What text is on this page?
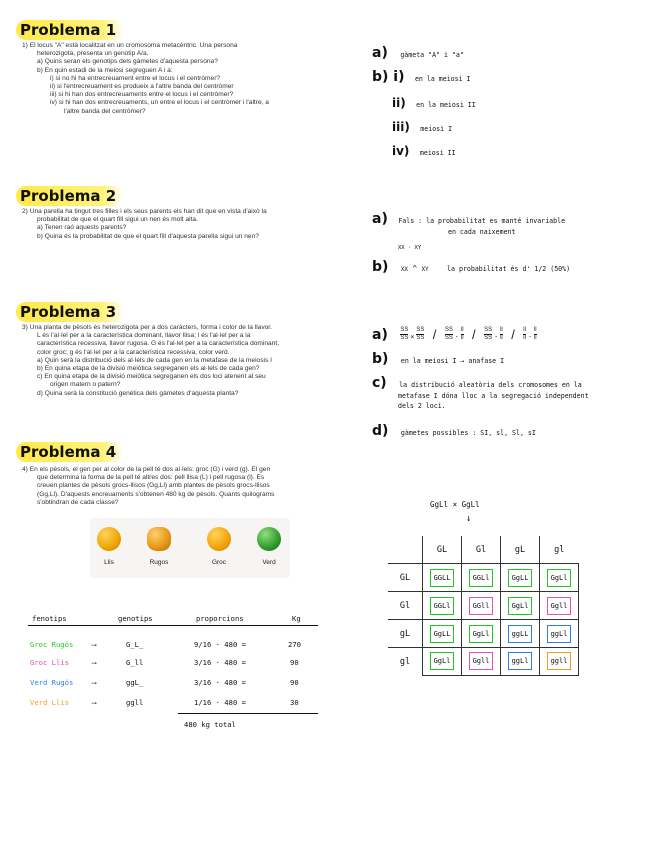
Problema 1
1) El locus "A" està localitzat en un cromosoma metacèntric. Una persona
heterozigota, presenta un genotip A/a.
a) Quins seran els genotips dels gàmetes d'aquesta persona?
b) En quin estadi de la meiosi segreguen A i a:
i) si no hi ha entrecreuament entre el locus i el centròmer?
ii) si l'entrecreuament es produeix a l'altre banda del centròmer
iii) si hi han dos entrecreuaments entre el locus i el centròmer?
iv) si hi han dos entrecreuaments, un entre el locus i el centròmer i l'altre, a
l'altre banda del centròmer?
a) gàmeta "A" i "a"
b) i) en la meiosi I
ii) en la meiosi II
iii) meiosi I
iv) meiosi II
Problema 2
2) Una parella ha tingut tres filles i els seus parents els han dit que en vista d'això la
probabilitat de que el quart fill sigui un nen és molt alta.
a) Tenen raó aquests parents?
b) Quina és la probabilitat de que el quart fill d'aquesta parella sigui un nen?
a) Fals : la probabilitat es manté invariable
en cada naixement
XX · XY
b) XX ^ XY	la probabilitat és d' 1/2 (50%)
Problema 3
3) Una planta de pèsols és heterozigota per a dos caràcters, forma i color de la llavor.
L és l'al·lel per a la característica dominant, llavor llisa; l és l'al·lel per a la
característica recessiva, llavor rugosa. G és l'al·lel per a la característica dominant,
color groc; g és l'al·lel per a la característica recessiva, color verd.
a) Quin serà la distribució dels al·lels de cada gen en la metafase de la meiosis I
b) En quina etapa de la divisió meiòtica segreganen els al·lels de cada gen?
c) En quina etapa de la divisió meiòtica segreganen els dos loci atenent al seu
origen matern o patern?
d) Quina serà la constitució genètica dels gàmetes d'aquesta planta?
$a) \frac{SS}{SS} \times \frac{SS}{SS} / \frac{SS}{SS} \cdot \frac{ll}{ll} / \frac{SS}{SS} \cdot \frac{ll}{ll} / \frac{ll}{ll} \cdot \frac{ll}{ll}$
b) en la meiosi I → anafase I
c) la distribució aleatòria dels cromosomes en la
metafase I dóna lloc a la segregació independent
dels 2 loci.
d) gàmetes possibles : SI, sl, Sl, sI
Problema 4
4) En els pèsols, el gen per al color de la pell té dos al·lels: groc (G) i verd (g). El gen
que determina la forma de la pell té altres dos: pell llisa (L) i pell rugosa (l). Es
creuen plantes de pèsols grocs-llisos (Gg,Ll) amb plantes de pèsols grocs-llisos
(Gg,Ll). D'aquests encreuaments s'obtenen 480 kg de pèsols. Quants quilograms
s'obtindran de cada classe?
Llis	Rugos	Groc	Verd
fenotips	genotips	proporcions	Kg
Groc Rugós	⟶	G_L_	9/16 · 480 =	270
Groc Llis	⟶	G_ll	3/16 · 480 =	90
Verd Rugós	⟶	ggL_	3/16 · 480 =	90
Verd Llis	⟶	ggll	1/16 · 480 =	30
480 kg total
GgLl × GgLl
↓
	GL	Gl	gL	gl
GL	GGLL	GGLl	GgLL	GgLl
Gl	GGLl	GGll	GgLl	Ggll
gL	GgLL	GgLl	ggLL	ggLl
gl	GgLl	Ggll	ggLl	ggll
